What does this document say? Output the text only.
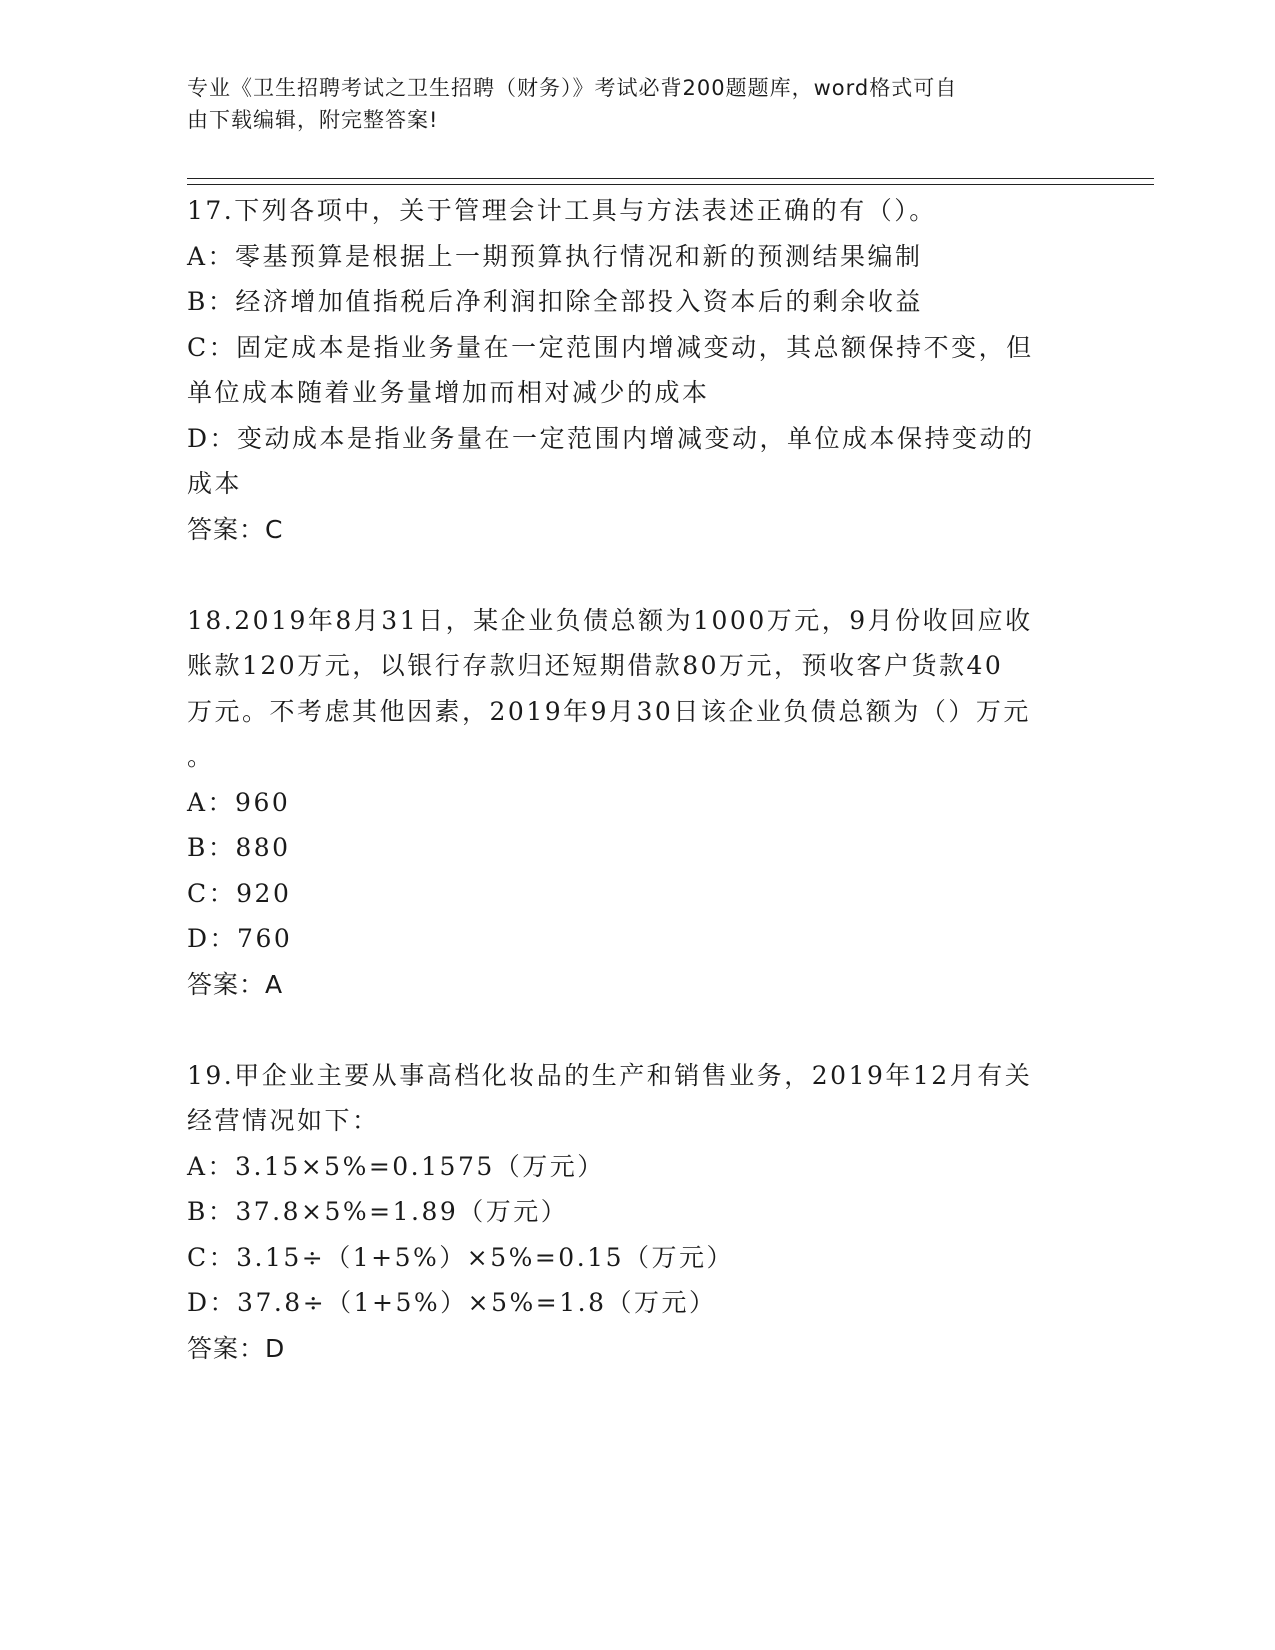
专业《卫生招聘考试之卫生招聘（财务）》考试必背200题题库，word格式可自
由下载编辑，附完整答案!

17.下列各项中，关于管理会计工具与方法表述正确的有（）。

A：零基预算是根据上一期预算执行情况和新的预测结果编制

B：经济增加值指税后净利润扣除全部投入资本后的剩余收益

C：固定成本是指业务量在一定范围内增减变动，其总额保持不变，但

单位成本随着业务量增加而相对减少的成本

D：变动成本是指业务量在一定范围内增减变动，单位成本保持变动的

成本

答案：C

18.2019年8月31日，某企业负债总额为1000万元，9月份收回应收

账款120万元，以银行存款归还短期借款80万元，预收客户货款40

万元。不考虑其他因素，2019年9月30日该企业负债总额为（）万元

。

A：960

B：880

C：920

D：760

答案：A

19.甲企业主要从事高档化妆品的生产和销售业务，2019年12月有关

经营情况如下：

A：3.15×5%=0.1575（万元）

B：37.8×5%=1.89（万元）

C：3.15÷（1+5%）×5%=0.15（万元）

D：37.8÷（1+5%）×5%=1.8（万元）

答案：D
